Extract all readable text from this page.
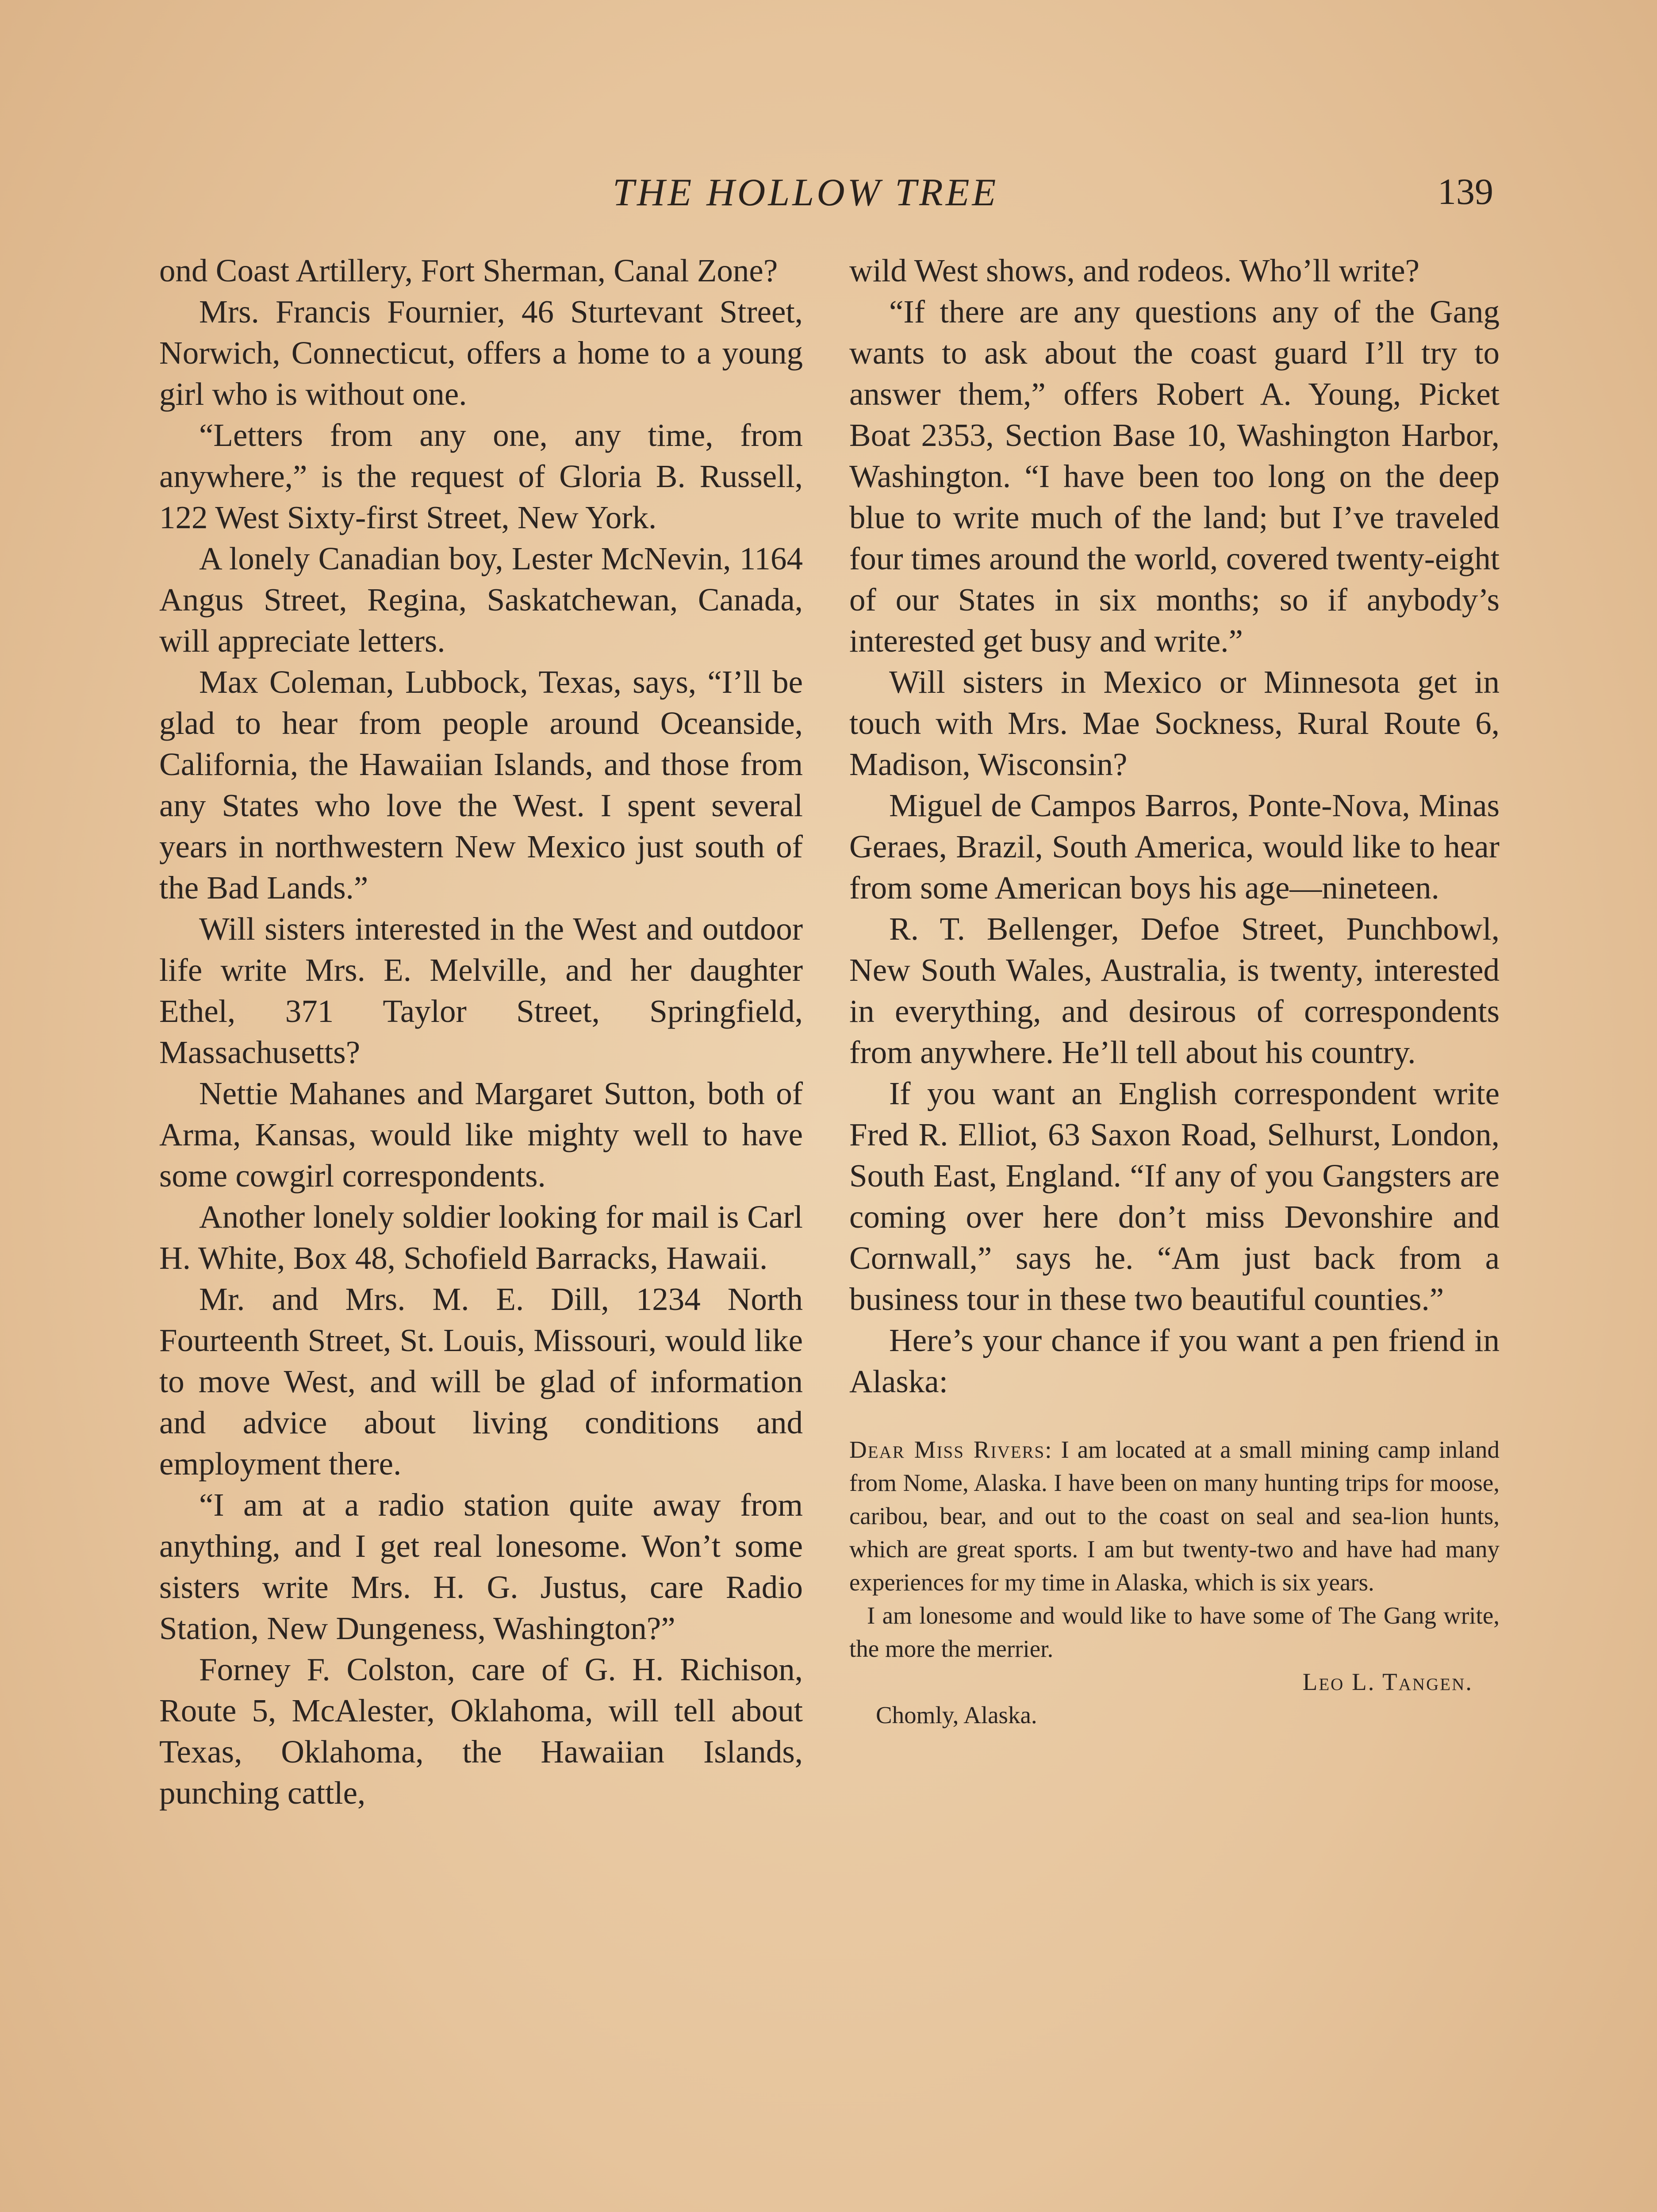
THE HOLLOW TREE	139

ond Coast Artillery, Fort Sherman, Canal Zone?

Mrs. Francis Fournier, 46 Sturtevant Street, Norwich, Connecticut, offers a home to a young girl who is without one.

“Letters from any one, any time, from anywhere,” is the request of Gloria B. Russell, 122 West Sixty-first Street, New York.

A lonely Canadian boy, Lester McNevin, 1164 Angus Street, Regina, Saskatchewan, Canada, will appreciate letters.

Max Coleman, Lubbock, Texas, says, “I’ll be glad to hear from people around Oceanside, California, the Hawaiian Islands, and those from any States who love the West. I spent several years in northwestern New Mexico just south of the Bad Lands.”

Will sisters interested in the West and outdoor life write Mrs. E. Melville, and her daughter Ethel, 371 Taylor Street, Springfield, Massachusetts?

Nettie Mahanes and Margaret Sutton, both of Arma, Kansas, would like mighty well to have some cowgirl correspondents.

Another lonely soldier looking for mail is Carl H. White, Box 48, Schofield Barracks, Hawaii.

Mr. and Mrs. M. E. Dill, 1234 North Fourteenth Street, St. Louis, Missouri, would like to move West, and will be glad of information and advice about living conditions and employment there.

“I am at a radio station quite away from anything, and I get real lonesome. Won’t some sisters write Mrs. H. G. Justus, care Radio Station, New Dungeness, Washington?”

Forney F. Colston, care of G. H. Richison, Route 5, McAlester, Oklahoma, will tell about Texas, Oklahoma, the Hawaiian Islands, punching cattle,

wild West shows, and rodeos. Who’ll write?

“If there are any questions any of the Gang wants to ask about the coast guard I’ll try to answer them,” offers Robert A. Young, Picket Boat 2353, Section Base 10, Washington Harbor, Washington. “I have been too long on the deep blue to write much of the land; but I’ve traveled four times around the world, covered twenty-eight of our States in six months; so if anybody’s interested get busy and write.”

Will sisters in Mexico or Minnesota get in touch with Mrs. Mae Sockness, Rural Route 6, Madison, Wisconsin?

Miguel de Campos Barros, Ponte-Nova, Minas Geraes, Brazil, South America, would like to hear from some American boys his age—nineteen.

R. T. Bellenger, Defoe Street, Punchbowl, New South Wales, Australia, is twenty, interested in everything, and desirous of correspondents from anywhere. He’ll tell about his country.

If you want an English correspondent write Fred R. Elliot, 63 Saxon Road, Selhurst, London, South East, England. “If any of you Gangsters are coming over here don’t miss Devonshire and Cornwall,” says he. “Am just back from a business tour in these two beautiful counties.”

Here’s your chance if you want a pen friend in Alaska:

Dear Miss Rivers: I am located at a small mining camp inland from Nome, Alaska. I have been on many hunting trips for moose, caribou, bear, and out to the coast on seal and sea-lion hunts, which are great sports. I am but twenty-two and have had many experiences for my time in Alaska, which is six years.

I am lonesome and would like to have some of The Gang write, the more the merrier.

Leo L. Tangen.

Chomly, Alaska.
